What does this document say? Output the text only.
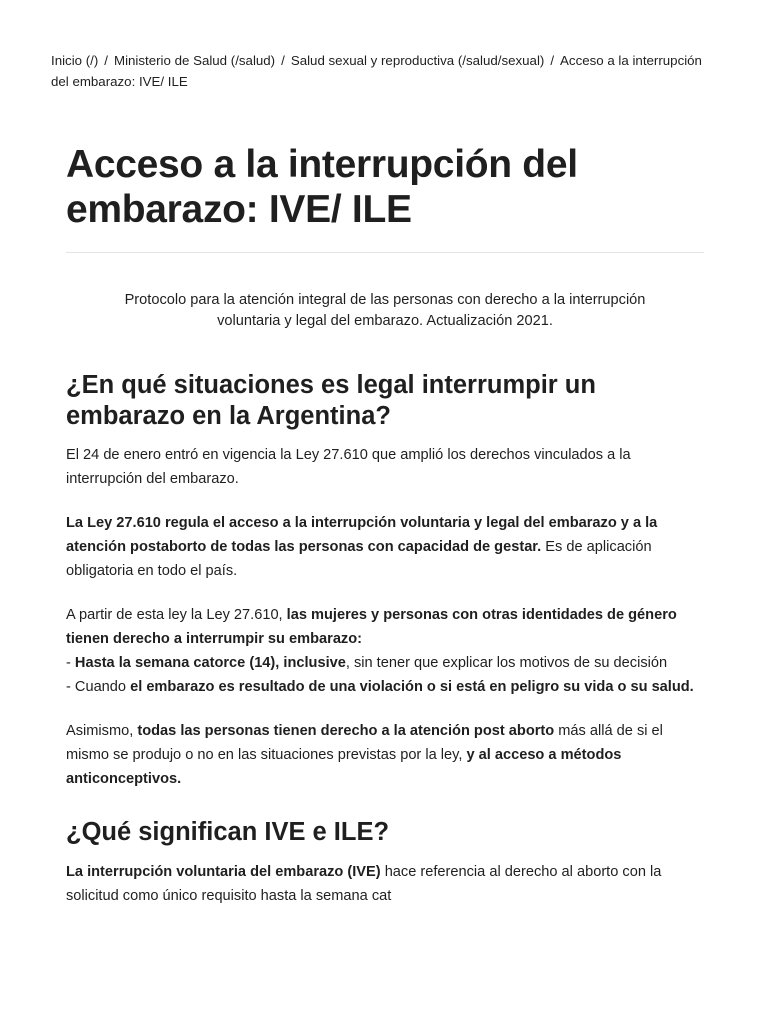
Inicio (/) / Ministerio de Salud (/salud) / Salud sexual y reproductiva (/salud/sexual) / Acceso a la interrupción del embarazo: IVE/ ILE
Acceso a la interrupción del embarazo: IVE/ ILE
Protocolo para la atención integral de las personas con derecho a la interrupción voluntaria y legal del embarazo. Actualización 2021.
¿En qué situaciones es legal interrumpir un embarazo en la Argentina?

El 24 de enero entró en vigencia la Ley 27.610 que amplió los derechos vinculados a la interrupción del embarazo.

La Ley 27.610 regula el acceso a la interrupción voluntaria y legal del embarazo y a la atención postaborto de todas las personas con capacidad de gestar. Es de aplicación obligatoria en todo el país.

A partir de esta ley la Ley 27.610, las mujeres y personas con otras identidades de género tienen derecho a interrumpir su embarazo:
- Hasta la semana catorce (14), inclusive, sin tener que explicar los motivos de su decisión
- Cuando el embarazo es resultado de una violación o si está en peligro su vida o su salud.

Asimismo, todas las personas tienen derecho a la atención post aborto más allá de si el mismo se produjo o no en las situaciones previstas por la ley, y al acceso a métodos anticonceptivos.

¿Qué significan IVE e ILE?

La interrupción voluntaria del embarazo (IVE) hace referencia al derecho al aborto con la solicitud como único requisito hasta la semana cat
